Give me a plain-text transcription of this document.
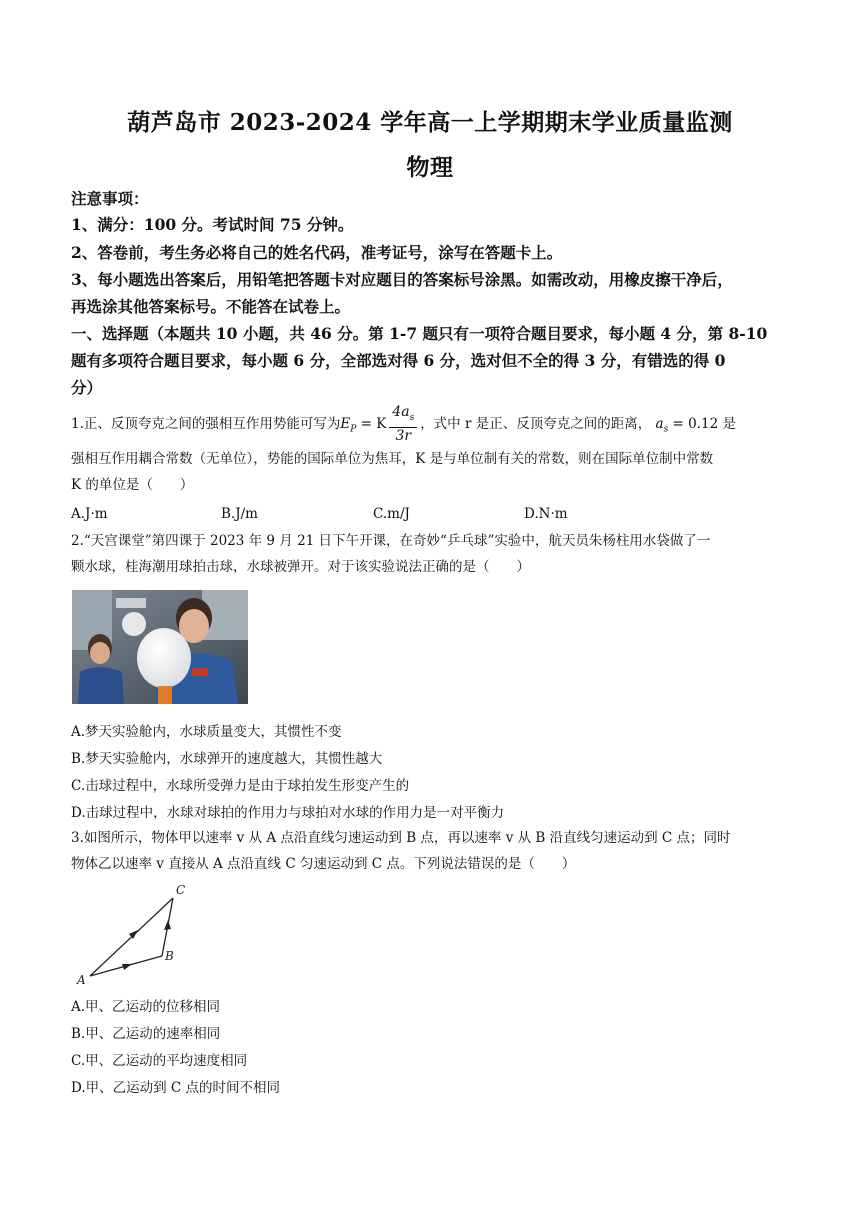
葫芦岛市 2023-2024 学年高一上学期期末学业质量监测
物理
注意事项：
1、满分：100 分。考试时间 75 分钟。
2、答卷前，考生务必将自己的姓名代码，准考证号，涂写在答题卡上。
3、每小题选出答案后，用铅笔把答题卡对应题目的答案标号涂黑。如需改动，用橡皮擦干净后，
再选涂其他答案标号。不能答在试卷上。
一、选择题（本题共 10 小题，共 46 分。第 1-7 题只有一项符合题目要求，每小题 4 分，第 8-10
题有多项符合题目要求，每小题 6 分，全部选对得 6 分，选对但不全的得 3 分，有错选的得 0
分）
1.正、反顶夸克之间的强相互作用势能可写为$E_P = K \frac{4a_s}{3r}$ ，式中 r 是正、反顶夸克之间的距离， $a_s = 0.12$ 是
强相互作用耦合常数（无单位），势能的国际单位为焦耳，K 是与单位制有关的常数，则在国际单位制中常数
K 的单位是（　　）
A.J·m	B.J/m	C.m/J	D.N·m
2.“天宫课堂”第四课于 2023 年 9 月 21 日下午开课，在奇妙“乒乓球”实验中，航天员朱杨柱用水袋做了一
颗水球，桂海潮用球拍击球，水球被弹开。对于该实验说法正确的是（　　）
A.梦天实验舱内，水球质量变大，其惯性不变
B.梦天实验舱内，水球弹开的速度越大，其惯性越大
C.击球过程中，水球所受弹力是由于球拍发生形变产生的
D.击球过程中，水球对球拍的作用力与球拍对水球的作用力是一对平衡力
3.如图所示，物体甲以速率 v 从 A 点沿直线匀速运动到 B 点，再以速率 v 从 B 沿直线匀速运动到 C 点；同时
物体乙以速率 v 直接从 A 点沿直线 C 匀速运动到 C 点。下列说法错误的是（　　）
A
B
C
A.甲、乙运动的位移相同
B.甲、乙运动的速率相同
C.甲、乙运动的平均速度相同
D.甲、乙运动到 C 点的时间不相同
